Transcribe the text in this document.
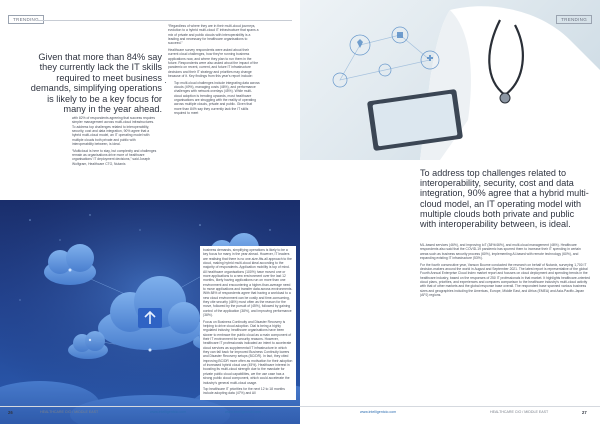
TRENDING
Given that more than 84% say they currently lack the IT skills required to meet business demands, simplifying operations is likely to be a key focus for many in the year ahead.

with 82% of respondents agreeing that success requires simpler management across multi-cloud infrastructures. To address top challenges related to interoperability, security, cost and data integration, 90% agree that a hybrid multi-cloud model, an IT operating model with multiple clouds both private and public with interoperability between, is ideal.

“Multicloud is here to stay, but complexity and challenges remain as organisations drive more of healthcare organisations' IT deployment decisions,” said Joseph Wolfgram, Healthcare CTO, Nutanix.

“Regardless of where they are in their multi-cloud journeys, evolution to a hybrid multi-cloud IT infrastructure that spans a mix of private and public clouds with interoperability is a leading and necessary for healthcare organisations to succeed.”

Healthcare survey respondents were asked about their current cloud challenges, how they're running business applications now, and where they plan to run them in the future. Respondents were also asked about the impact of the pandemic on recent, current, and future IT infrastructure decisions and their IT strategy and priorities may change because of it. Key findings from this year's report include:

• Top multi-cloud challenges include integrating data across clouds (49%), managing costs (46%), and performance challenges with network overlays (45%). While multi-cloud adoption is trending upwards, most healthcare organisations are struggling with the reality of operating across multiple clouds, private and public. Given that more than 84% say they currently lack the IT skills required to meet

business demands, simplifying operations is likely to be a key focus for many in the year ahead. However, IT leaders are realising that there is no one-size-fits-all approach to the cloud, making hybrid multi-cloud ideal according to the majority of respondents. Application mobility is top of mind. All healthcare organisations (100%) have moved one or more applications to a new environment over the last 12 months, likely having applications run on more than one environment and encountering a higher-than-average need to move applications and transfer data across environments. With 88% of respondents agree that having a workload to a new cloud environment can be costly and time-consuming, they cite security (46%) most often as the reason for the move, followed by the pursuit of (45%), followed by gaining control of the application (38%), and improving performance (38%).

Focus on Business Continuity and Disaster Recovery is helping to drive cloud adoption. Dial is being a highly regulated industry, healthcare organisations have been slower to embrace the public cloud as a main component of their IT environment for security reasons. However, healthcare IT professionals indicated an intent to accelerate cloud services as supplemental IT infrastructure in which they can fall back for improved Business Continuity lowers and Disaster Recovery setups (BC/DR). In fact, they cited improving BC/DR more often as motivation for their adoption of increased hybrid cloud use (45%). Healthcare interest in boosting its multi-cloud strength due to the mandate for private public cloud capabilities, we the use case has a strong public cloud component, which could accelerate the industry's general multi-cloud usage.

Top healthcare IT priorities for the next 12 to 18 months include adopting data (47%) and AI/

26	HEALTHCARE CIO / MIDDLE EAST	www.intelligentcio.com	www.intelligentcio.com
TRENDING
To address top challenges related to interoperability, security, cost and data integration, 90% agree that a hybrid multi-cloud model, an IT operating model with multiple clouds both private and public with interoperability between, is ideal.

ML-based services (46%), and improving IoT (38%/46%), and multi-cloud management (46%). Healthcare respondents also said that the COVID-19 pandemic has spurred them to increase their IT spending in certain areas such as business security process (60%), implementing AI-based with remote technology (60%), and expanding existing IT infrastructure (53%).

For the fourth consecutive year, Vanson Bourne conducted the research on behalf of Nutanix, surveying 1,700 IT decision-makers around the world in August and September 2021. The latest report is representative of the global Fourth Annual Enterprise Cloud Index market report and focuses on cloud deployment and spending trends in the healthcare industry, based on the responses of 250 IT professionals in that market. It highlights healthcare-oriented cloud plans, priorities, and experiences and compares comparison to the healthcare industry's multi-cloud activity with that of other markets and the global response base overall. The respondent base spanned various business sizes and geographies including the Americas, Europe, Middle East, and Africa (EMEA) and Asia-Pacific-Japan (APJ) regions.

www.intelligentcio.com	HEALTHCARE CIO / MIDDLE EAST	27
